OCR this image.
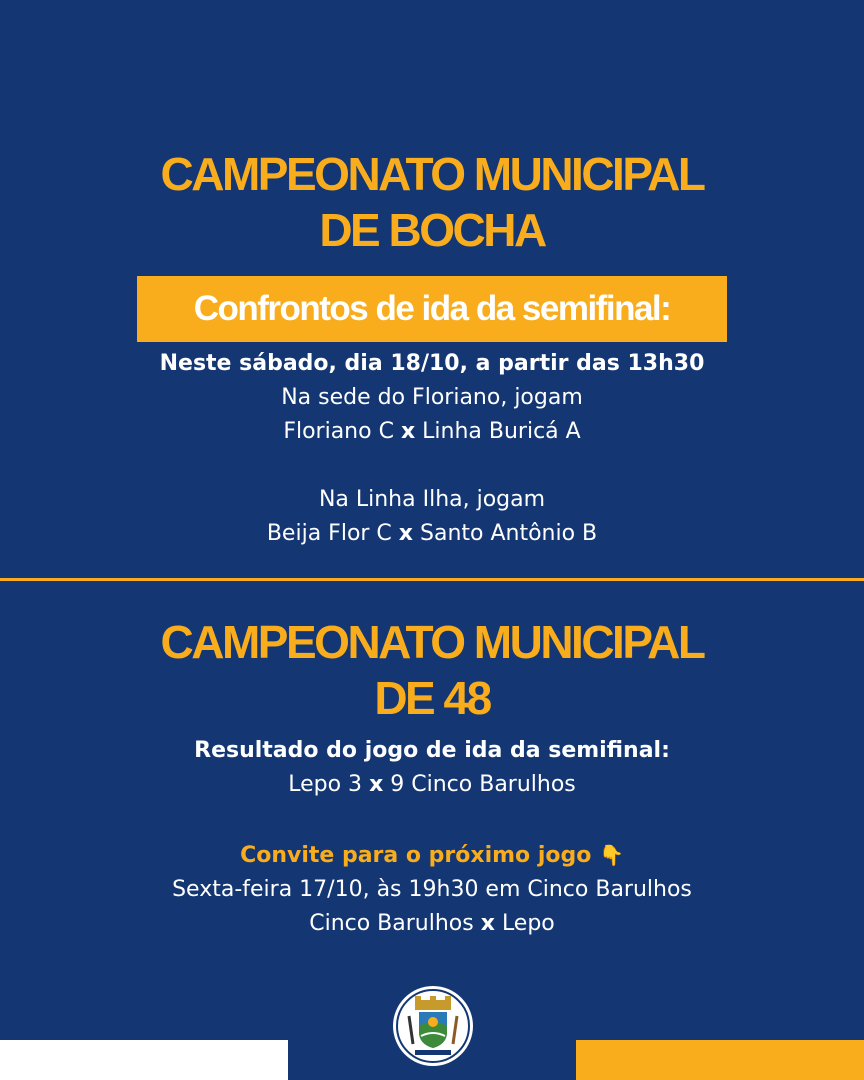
CAMPEONATO MUNICIPAL
DE BOCHA
Confrontos de ida da semifinal:
Neste sábado, dia 18/10, a partir das 13h30
Na sede do Floriano, jogam
Floriano C x Linha Buricá A
Na Linha Ilha, jogam
Beija Flor C x Santo Antônio B
CAMPEONATO MUNICIPAL
DE 48
Resultado do jogo de ida da semifinal:
Lepo 3 x 9 Cinco Barulhos
Convite para o próximo jogo 👇
Sexta-feira 17/10, às 19h30 em Cinco Barulhos
Cinco Barulhos x Lepo
